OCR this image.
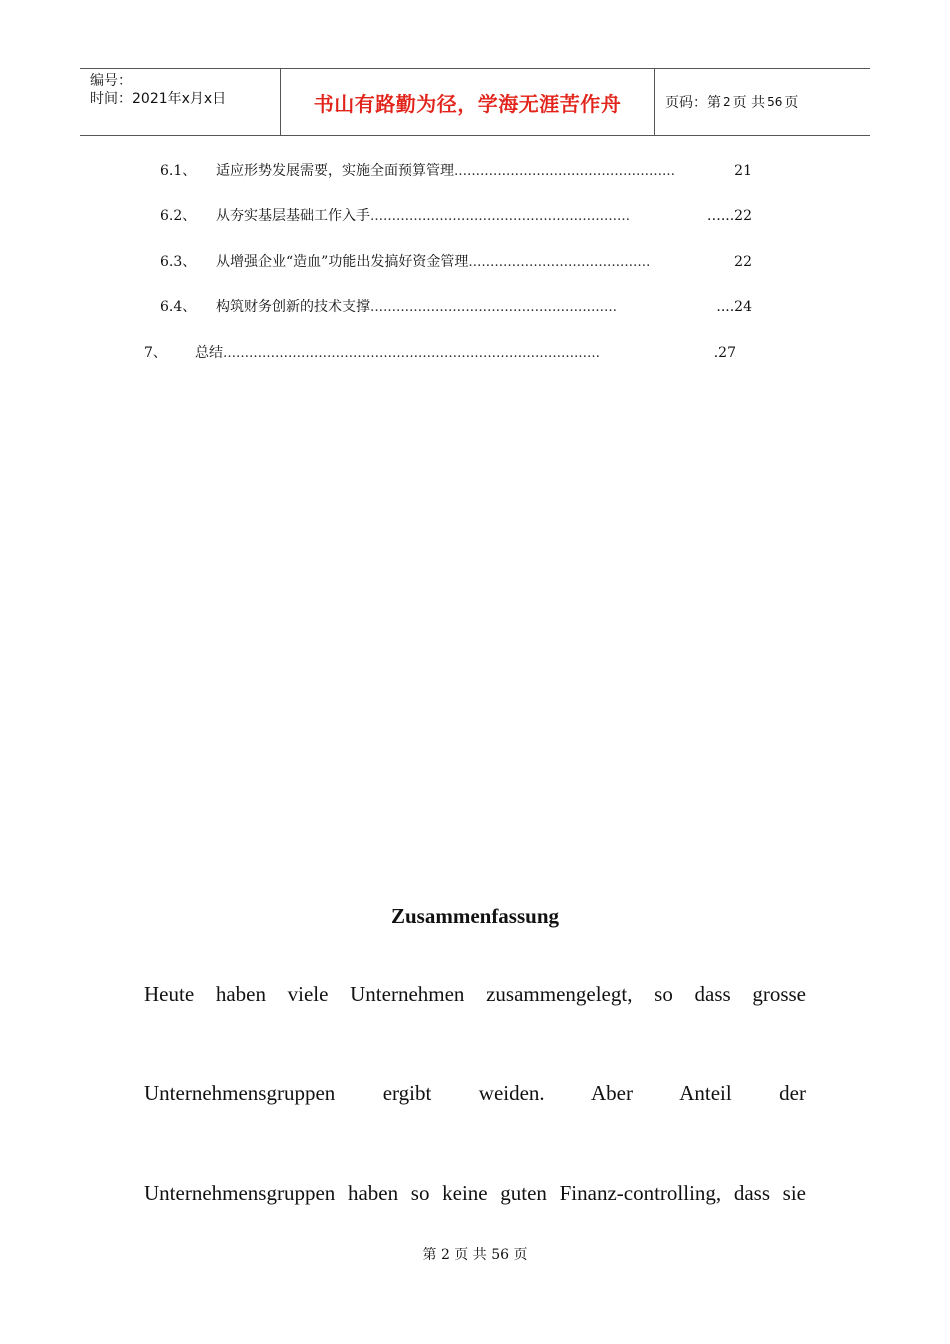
编号：
时间：2021年x月x日	书山有路勤为径，学海无涯苦作舟	页码：第 2 页 共 56 页
6.1、	适应形势发展需要，实施全面预算管理 ……………………………………………	21
6.2、	从夯实基层基础工作入手 ……………………………………………………	…...22
6.3、	从增强企业“造血”功能出发搞好资金管理 ……………………………………	22
6.4、	构筑财务创新的技术支撑 …………………………………………………	....24
7、	总结 ……………………………………………………………………………	.27
Zusammenfassung
Heute haben viele Unternehmen zusammengelegt, so dass grosse
Unternehmensgruppen ergibt weiden. Aber Anteil der
Unternehmensgruppen haben so keine guten Finanz-controlling, dass sie
第 2 页 共 56 页
